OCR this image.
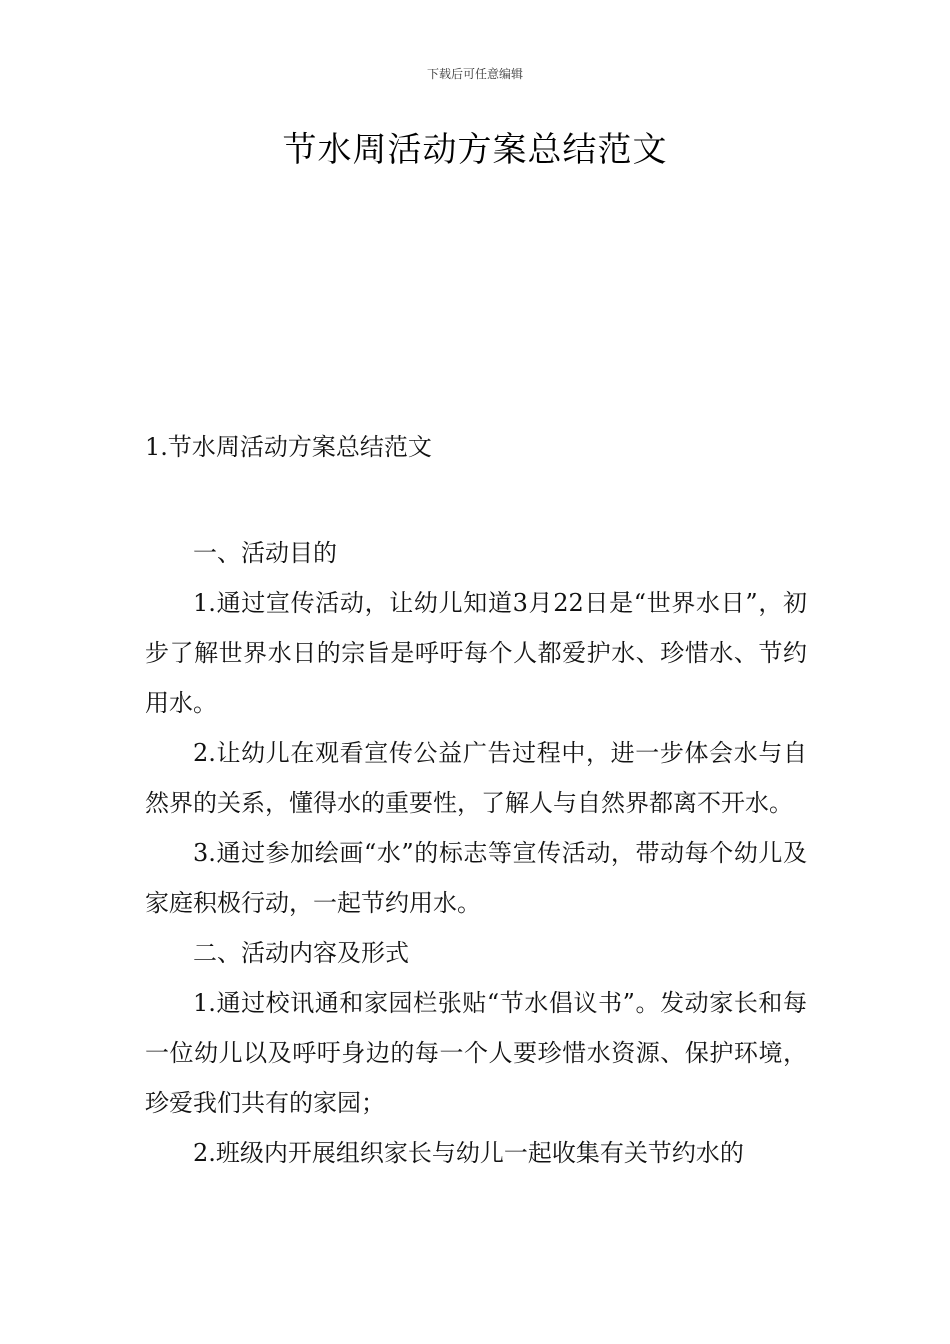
下载后可任意编辑
节水周活动方案总结范文
1.节水周活动方案总结范文

一、活动目的

1.通过宣传活动，让幼儿知道3月22日是“世界水日”，初步了解世界水日的宗旨是呼吁每个人都爱护水、珍惜水、节约用水。

2.让幼儿在观看宣传公益广告过程中，进一步体会水与自然界的关系，懂得水的重要性，了解人与自然界都离不开水。

3.通过参加绘画“水”的标志等宣传活动，带动每个幼儿及家庭积极行动，一起节约用水。

二、活动内容及形式

1.通过校讯通和家园栏张贴“节水倡议书”。发动家长和每一位幼儿以及呼吁身边的每一个人要珍惜水资源、保护环境，珍爱我们共有的家园；

2.班级内开展组织家长与幼儿一起收集有关节约水的
